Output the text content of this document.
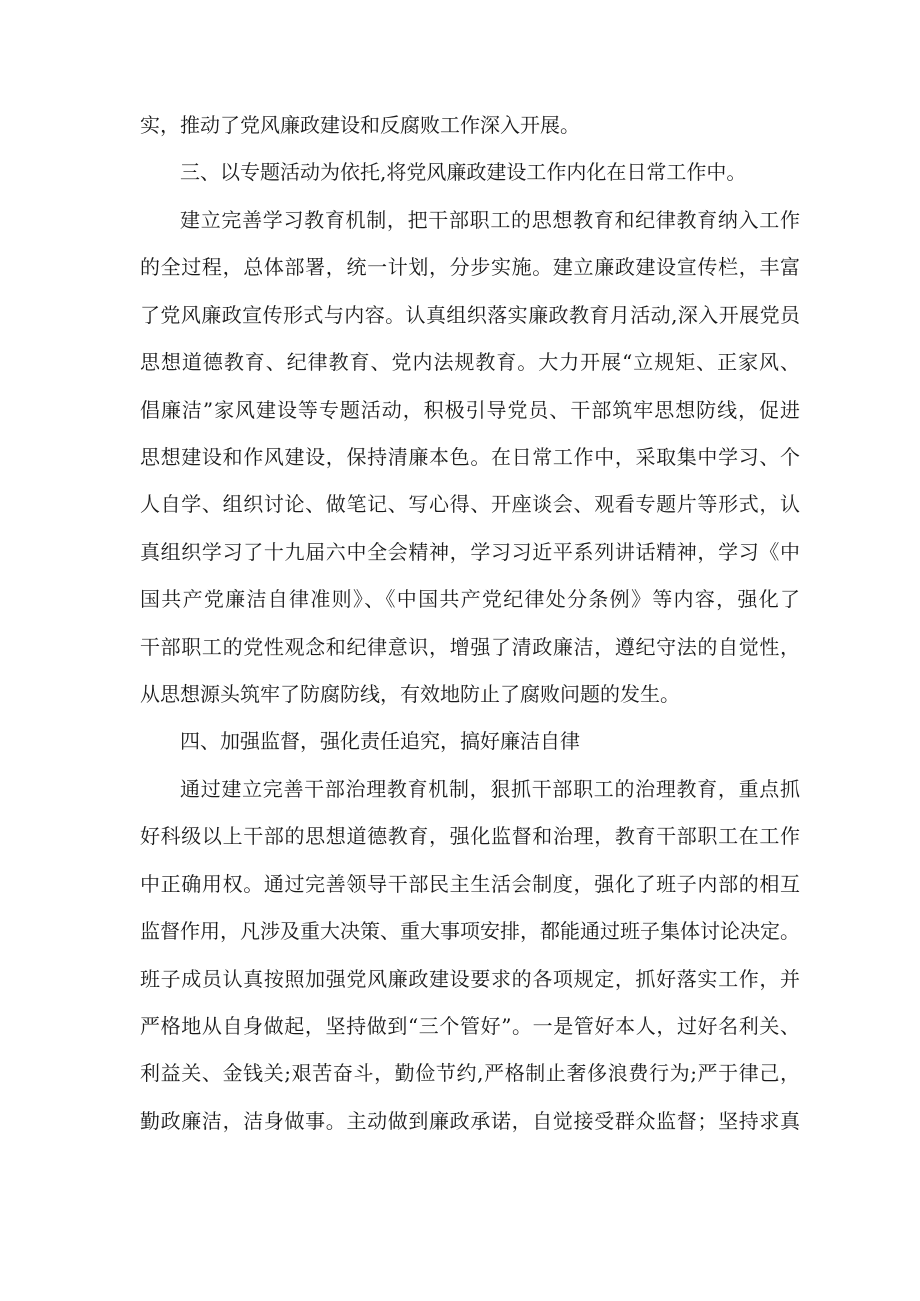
实，推动了党风廉政建设和反腐败工作深入开展。
三、以专题活动为依托,将党风廉政建设工作内化在日常工作中。
建立完善学习教育机制，把干部职工的思想教育和纪律教育纳入工作
的全过程，总体部署，统一计划，分步实施。建立廉政建设宣传栏，丰富
了党风廉政宣传形式与内容。认真组织落实廉政教育月活动,深入开展党员
思想道德教育、纪律教育、党内法规教育。大力开展“立规矩、正家风、
倡廉洁”家风建设等专题活动，积极引导党员、干部筑牢思想防线，促进
思想建设和作风建设，保持清廉本色。在日常工作中，采取集中学习、个
人自学、组织讨论、做笔记、写心得、开座谈会、观看专题片等形式，认
真组织学习了十九届六中全会精神，学习习近平系列讲话精神，学习《中
国共产党廉洁自律准则》、《中国共产党纪律处分条例》等内容，强化了
干部职工的党性观念和纪律意识，增强了清政廉洁，遵纪守法的自觉性，
从思想源头筑牢了防腐防线，有效地防止了腐败问题的发生。
四、加强监督，强化责任追究，搞好廉洁自律
通过建立完善干部治理教育机制，狠抓干部职工的治理教育，重点抓
好科级以上干部的思想道德教育，强化监督和治理，教育干部职工在工作
中正确用权。通过完善领导干部民主生活会制度，强化了班子内部的相互
监督作用，凡涉及重大决策、重大事项安排，都能通过班子集体讨论决定。
班子成员认真按照加强党风廉政建设要求的各项规定，抓好落实工作，并
严格地从自身做起，坚持做到“三个管好”。一是管好本人，过好名利关、
利益关、金钱关;艰苦奋斗，勤俭节约,严格制止奢侈浪费行为;严于律己，
勤政廉洁，洁身做事。主动做到廉政承诺，自觉接受群众监督；坚持求真
